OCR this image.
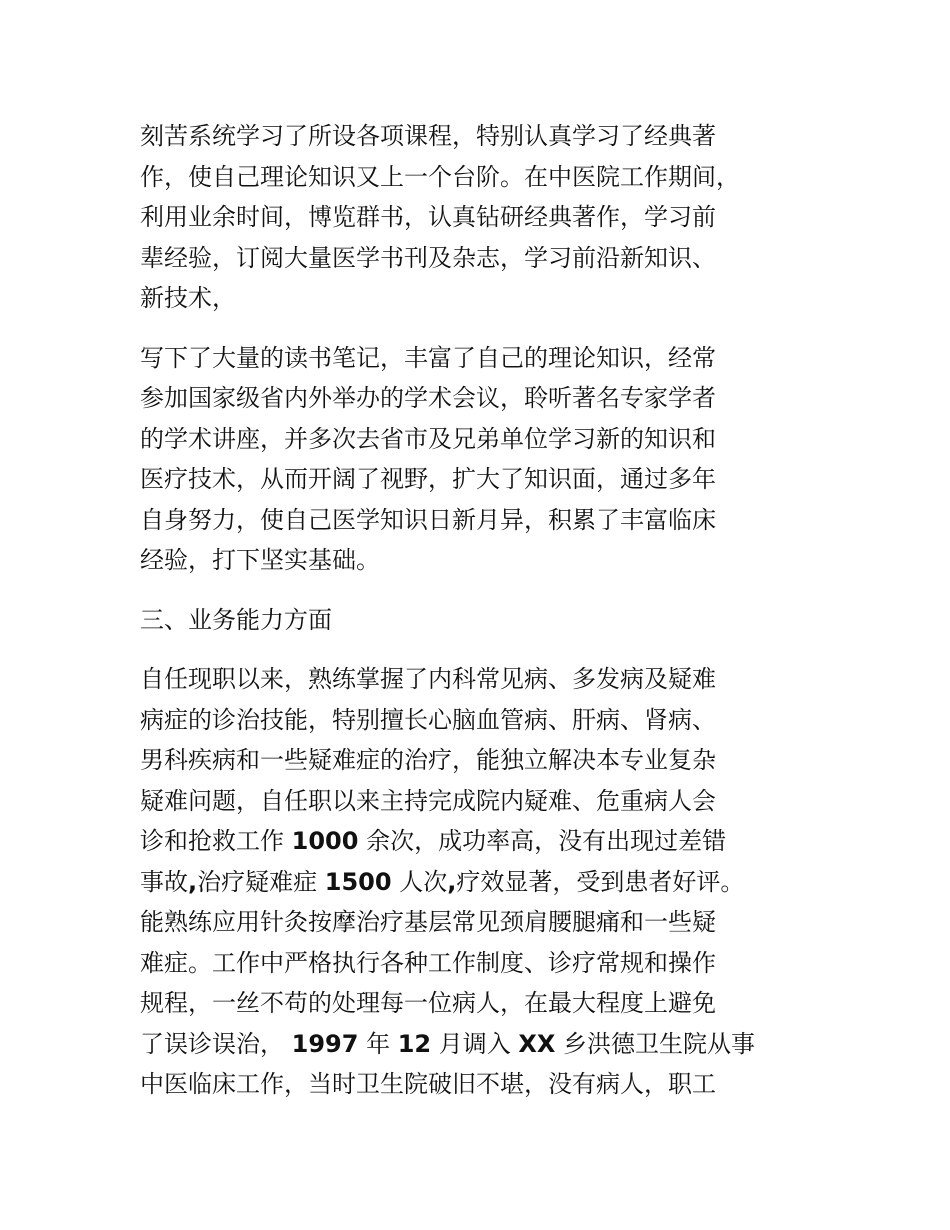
刻苦系统学习了所设各项课程，特别认真学习了经典著
作，使自己理论知识又上一个台阶。在中医院工作期间，
利用业余时间，博览群书，认真钻研经典著作，学习前
辈经验，订阅大量医学书刊及杂志，学习前沿新知识、
新技术，
写下了大量的读书笔记，丰富了自己的理论知识，经常
参加国家级省内外举办的学术会议，聆听著名专家学者
的学术讲座，并多次去省市及兄弟单位学习新的知识和
医疗技术，从而开阔了视野，扩大了知识面，通过多年
自身努力，使自己医学知识日新月异，积累了丰富临床
经验，打下坚实基础。
三、业务能力方面
自任现职以来，熟练掌握了内科常见病、多发病及疑难
病症的诊治技能，特别擅长心脑血管病、肝病、肾病、
男科疾病和一些疑难症的治疗，能独立解决本专业复杂
疑难问题，自任职以来主持完成院内疑难、危重病人会
诊和抢救工作 1000 余次，成功率高，没有出现过差错
事故,治疗疑难症 1500 人次,疗效显著，受到患者好评。
能熟练应用针灸按摩治疗基层常见颈肩腰腿痛和一些疑
难症。工作中严格执行各种工作制度、诊疗常规和操作
规程，一丝不苟的处理每一位病人，在最大程度上避免
了误诊误治， 1997 年 12 月调入 XX 乡洪德卫生院从事
中医临床工作，当时卫生院破旧不堪，没有病人，职工
